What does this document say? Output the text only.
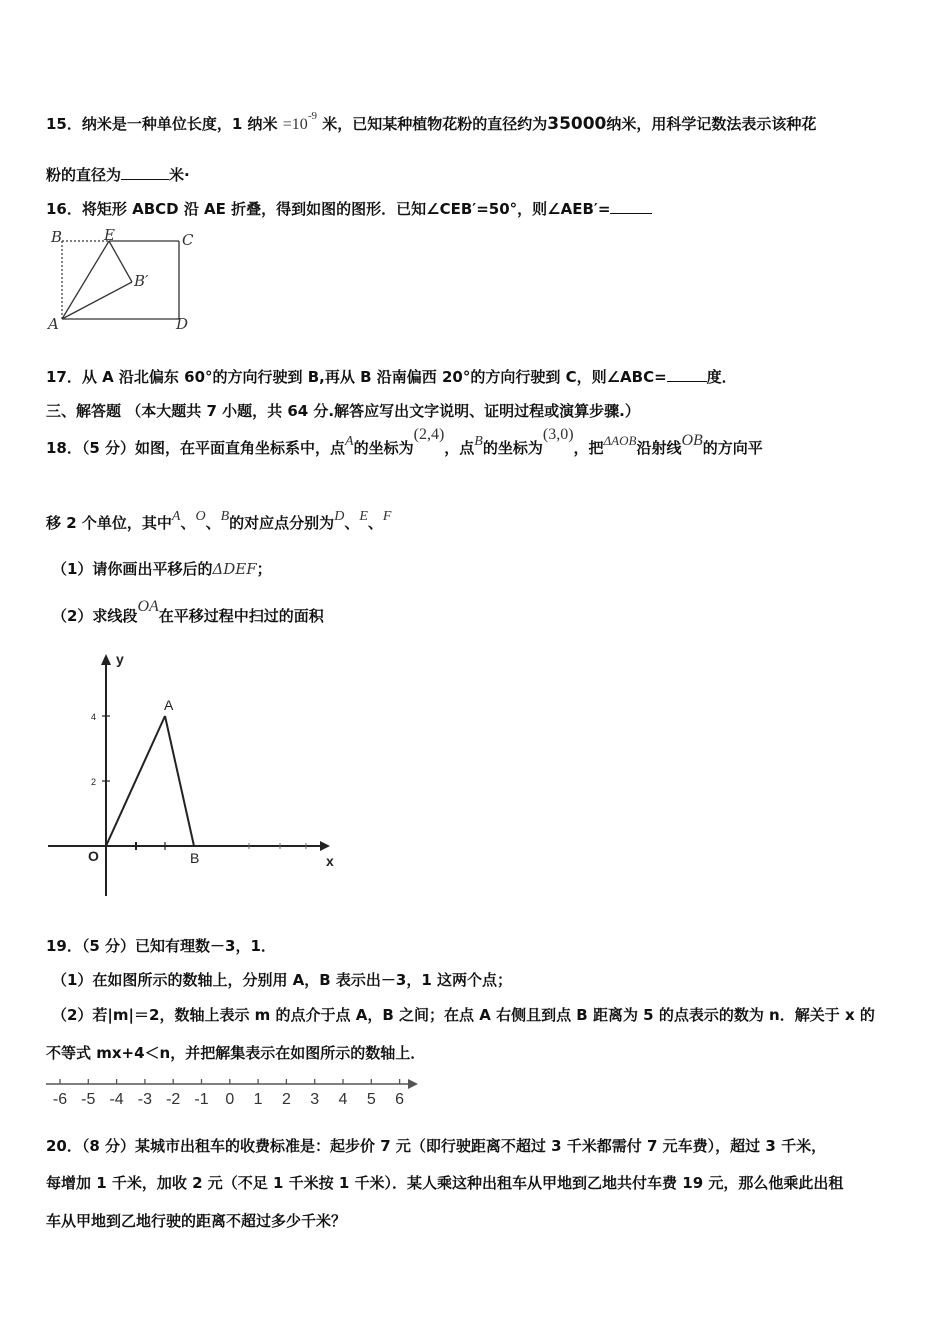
15．纳米是一种单位长度，1 纳米 $=10^{-9}$ 米，已知某种植物花粉的直径约为35000纳米，用科学记数法表示该种花
粉的直径为	米·
16．将矩形 ABCD 沿 AE 折叠，得到如图的图形．已知∠CEB′=50°，则∠AEB′=
B	E	C
B′
A	D
17．从 A 沿北偏东 60°的方向行驶到 B,再从 B 沿南偏西 20°的方向行驶到 C，则∠ABC=	度．
三、解答题 （本大题共 7 小题，共 64 分.解答应写出文字说明、证明过程或演算步骤.）
18．（5 分）如图，在平面直角坐标系中，点A的坐标为(2,4)，点B的坐标为(3,0)，把ΔAOB沿射线OB的方向平
移 2 个单位，其中A、O、B的对应点分别为D、E、F
（1）请你画出平移后的ΔDEF；
（2）求线段OA在平移过程中扫过的面积
y
x
O
A
B
4
2
19．（5 分）已知有理数－3，1．
（1）在如图所示的数轴上，分别用 A，B 表示出－3，1 这两个点；
（2）若|m|＝2，数轴上表示 m 的点介于点 A，B 之间；在点 A 右侧且到点 B 距离为 5 的点表示的数为 n．解关于 x 的
不等式 mx+4＜n，并把解集表示在如图所示的数轴上．
-6 -5 -4 -3 -2 -1 0 1 2 3 4 5 6
20．（8 分）某城市出租车的收费标准是：起步价 7 元（即行驶距离不超过 3 千米都需付 7 元车费），超过 3 千米，
每增加 1 千米，加收 2 元（不足 1 千米按 1 千米）．某人乘这种出租车从甲地到乙地共付车费 19 元，那么他乘此出租
车从甲地到乙地行驶的距离不超过多少千米？
